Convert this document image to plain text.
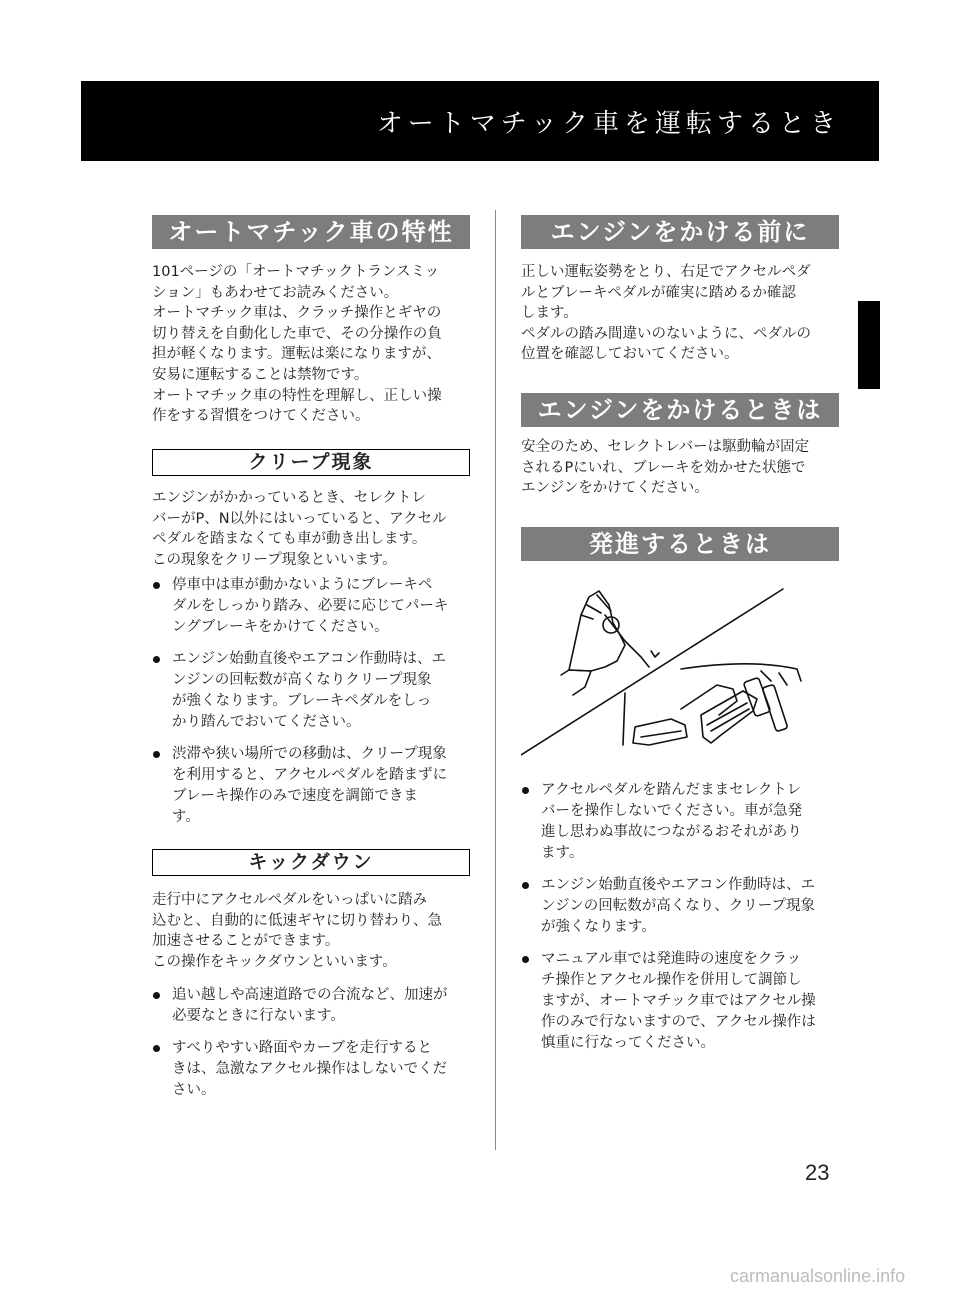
オートマチック車を運転するとき
オートマチック車の特性

101ページの「オートマチックトランスミッ
ション」もあわせてお読みください。
オートマチック車は、クラッチ操作とギヤの
切り替えを自動化した車で、その分操作の負
担が軽くなります。運転は楽になりますが、
安易に運転することは禁物です。
オートマチック車の特性を理解し、正しい操
作をする習慣をつけてください。

クリープ現象

エンジンがかかっているとき、セレクトレ
バーがP、N以外にはいっていると、アクセル
ペダルを踏まなくても車が動き出します。
この現象をクリープ現象といいます。

停車中は車が動かないようにブレーキペ
ダルをしっかり踏み、必要に応じてパーキ
ングブレーキをかけてください。
エンジン始動直後やエアコン作動時は、エ
ンジンの回転数が高くなりクリープ現象
が強くなります。ブレーキペダルをしっ
かり踏んでおいてください。
渋滞や狭い場所での移動は、クリープ現象
を利用すると、アクセルペダルを踏まずに
ブレーキ操作のみで速度を調節できま
す。
キックダウン

走行中にアクセルペダルをいっぱいに踏み
込むと、自動的に低速ギヤに切り替わり、急
加速させることができます。
この操作をキックダウンといいます。

追い越しや高速道路での合流など、加速が
必要なときに行ないます。
すべりやすい路面やカーブを走行すると
きは、急激なアクセル操作はしないでくだ
さい。
エンジンをかける前に

正しい運転姿勢をとり、右足でアクセルペダ
ルとブレーキペダルが確実に踏めるか確認
します。
ペダルの踏み間違いのないように、ペダルの
位置を確認しておいてください。

エンジンをかけるときは

安全のため、セレクトレバーは駆動輪が固定
されるPにいれ、ブレーキを効かせた状態で
エンジンをかけてください。

発進するときは
アクセルペダルを踏んだままセレクトレ
バーを操作しないでください。車が急発
進し思わぬ事故につながるおそれがあり
ます。
エンジン始動直後やエアコン作動時は、エ
ンジンの回転数が高くなり、クリープ現象
が強くなります。
マニュアル車では発進時の速度をクラッ
チ操作とアクセル操作を併用して調節し
ますが、オートマチック車ではアクセル操
作のみで行ないますので、アクセル操作は
慎重に行なってください。
23
carmanualsonline.info
